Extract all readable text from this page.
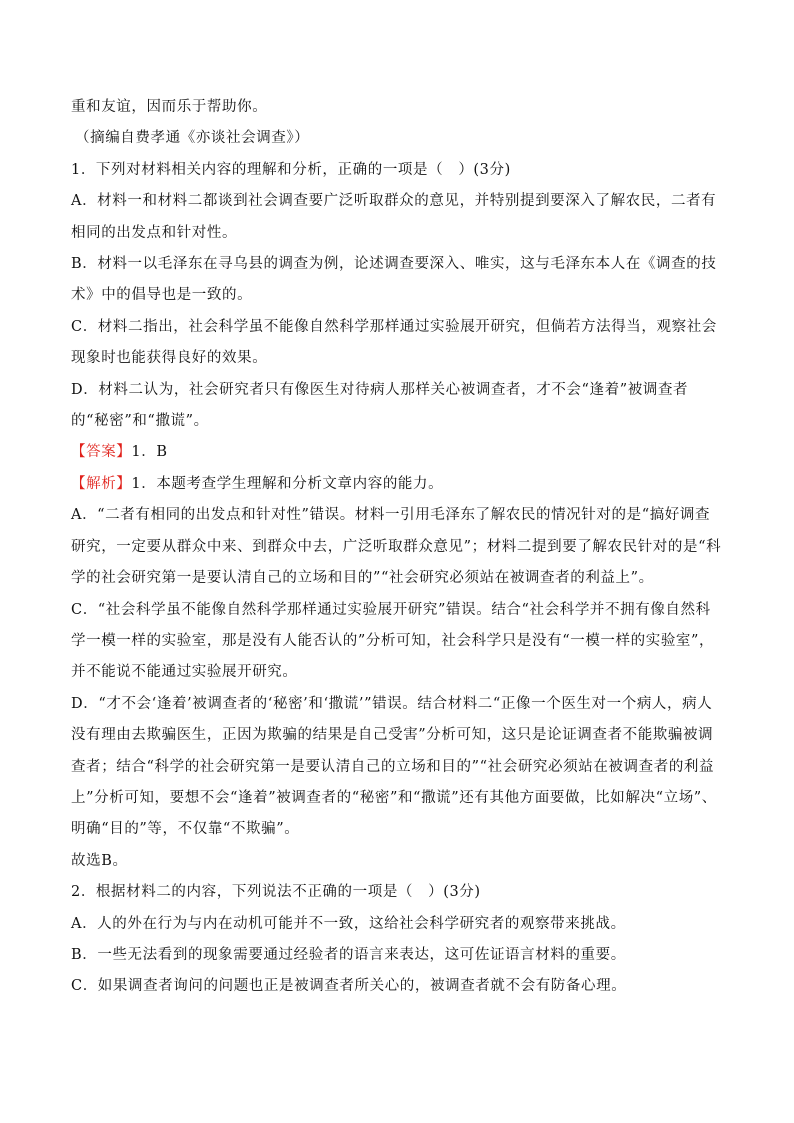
重和友谊，因而乐于帮助你。

（摘编自费孝通《亦谈社会调查》）

1．下列对材料相关内容的理解和分析，正确的一项是（　）(3分)

A．材料一和材料二都谈到社会调查要广泛听取群众的意见，并特别提到要深入了解农民，二者有相同的出发点和针对性。

B．材料一以毛泽东在寻乌县的调查为例，论述调查要深入、唯实，这与毛泽东本人在《调查的技术》中的倡导也是一致的。

C．材料二指出，社会科学虽不能像自然科学那样通过实验展开研究，但倘若方法得当，观察社会现象时也能获得良好的效果。

D．材料二认为，社会研究者只有像医生对待病人那样关心被调查者，才不会“逢着”被调查者的“秘密”和“撒谎”。

【答案】1．B

【解析】1．本题考查学生理解和分析文章内容的能力。

A．“二者有相同的出发点和针对性”错误。材料一引用毛泽东了解农民的情况针对的是“搞好调查研究，一定要从群众中来、到群众中去，广泛听取群众意见”；材料二提到要了解农民针对的是“科学的社会研究第一是要认清自己的立场和目的”“社会研究必须站在被调查者的利益上”。

C．“社会科学虽不能像自然科学那样通过实验展开研究”错误。结合“社会科学并不拥有像自然科学一模一样的实验室，那是没有人能否认的”分析可知，社会科学只是没有“一模一样的实验室”，并不能说不能通过实验展开研究。

D．“才不会‘逢着’被调查者的‘秘密’和‘撒谎’”错误。结合材料二“正像一个医生对一个病人，病人没有理由去欺骗医生，正因为欺骗的结果是自己受害”分析可知，这只是论证调查者不能欺骗被调查者；结合“科学的社会研究第一是要认清自己的立场和目的”“社会研究必须站在被调查者的利益上”分析可知，要想不会“逢着”被调查者的“秘密”和“撒谎”还有其他方面要做，比如解决“立场”、明确“目的”等，不仅靠“不欺骗”。

故选B。

2．根据材料二的内容，下列说法不正确的一项是（　）(3分)

A．人的外在行为与内在动机可能并不一致，这给社会科学研究者的观察带来挑战。

B．一些无法看到的现象需要通过经验者的语言来表达，这可佐证语言材料的重要。

C．如果调查者询问的问题也正是被调查者所关心的，被调查者就不会有防备心理。
